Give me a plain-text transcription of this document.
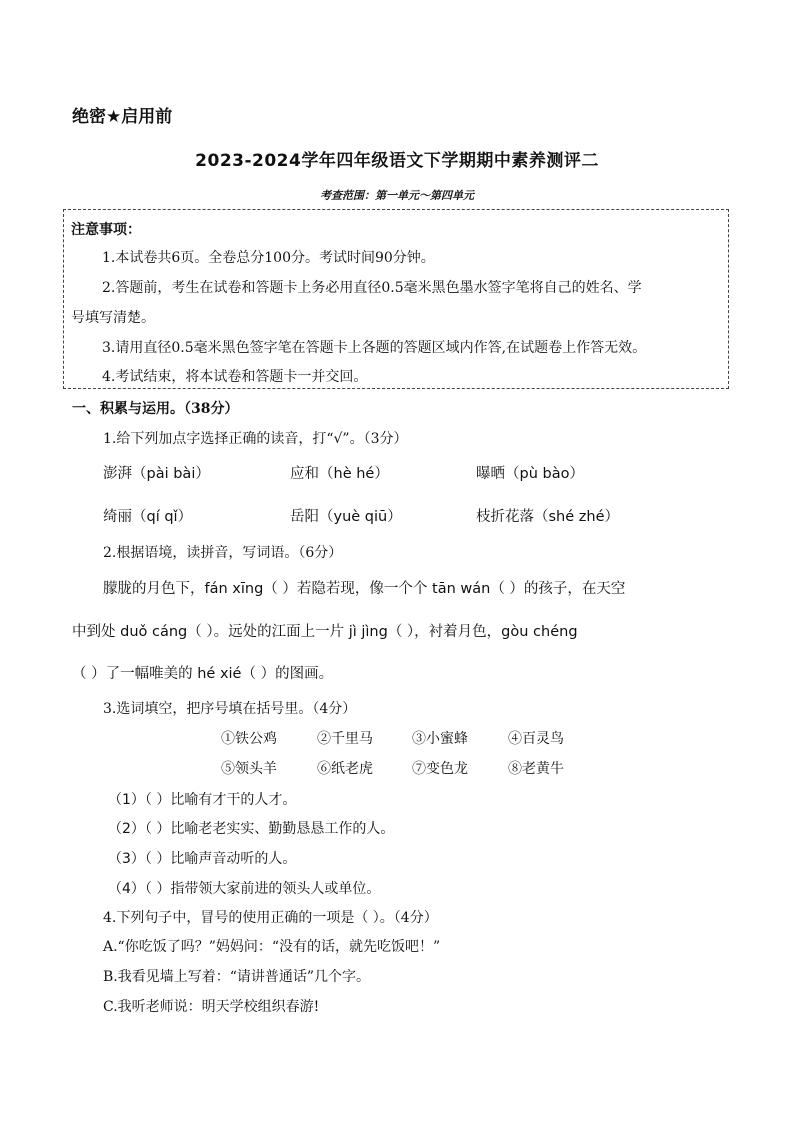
绝密★启用前
2023-2024学年四年级语文下学期期中素养测评二
考查范围：第一单元～第四单元
注意事项：
1.本试卷共6页。全卷总分100分。考试时间90分钟。
2.答题前，考生在试卷和答题卡上务必用直径0.5毫米黑色墨水签字笔将自己的姓名、学
号填写清楚。
3.请用直径0.5毫米黑色签字笔在答题卡上各题的答题区域内作答,在试题卷上作答无效。
4.考试结束，将本试卷和答题卡一并交回。
一、积累与运用。（38分）
1.给下列加点字选择正确的读音，打“√”。（3分）
澎湃（pài bài）	应和（hè hé）	曝晒（pù bào）
绮丽（qí qǐ）	岳阳（yuè qiū）	枝折花落（shé zhé）
2.根据语境，读拼音，写词语。（6分）
朦胧的月色下，fán xīng（ ）若隐若现，像一个个 tān wán（ ）的孩子，在天空
中到处 duǒ cáng（ ）。远处的江面上一片 jì jìng（ ），衬着月色，gòu chéng
（ ）了一幅唯美的 hé xié（ ）的图画。
3.选词填空，把序号填在括号里。（4分）
①铁公鸡	②千里马	③小蜜蜂	④百灵鸟
⑤领头羊	⑥纸老虎	⑦变色龙	⑧老黄牛
（1）（ ）比喻有才干的人才。
（2）（ ）比喻老老实实、勤勤恳恳工作的人。
（3）（ ）比喻声音动听的人。
（4）（ ）指带领大家前进的领头人或单位。
4.下列句子中，冒号的使用正确的一项是（ ）。（4分）
A.“你吃饭了吗？”妈妈问：“没有的话，就先吃饭吧！”
B.我看见墙上写着：“请讲普通话”几个字。
C.我听老师说：明天学校组织春游!
